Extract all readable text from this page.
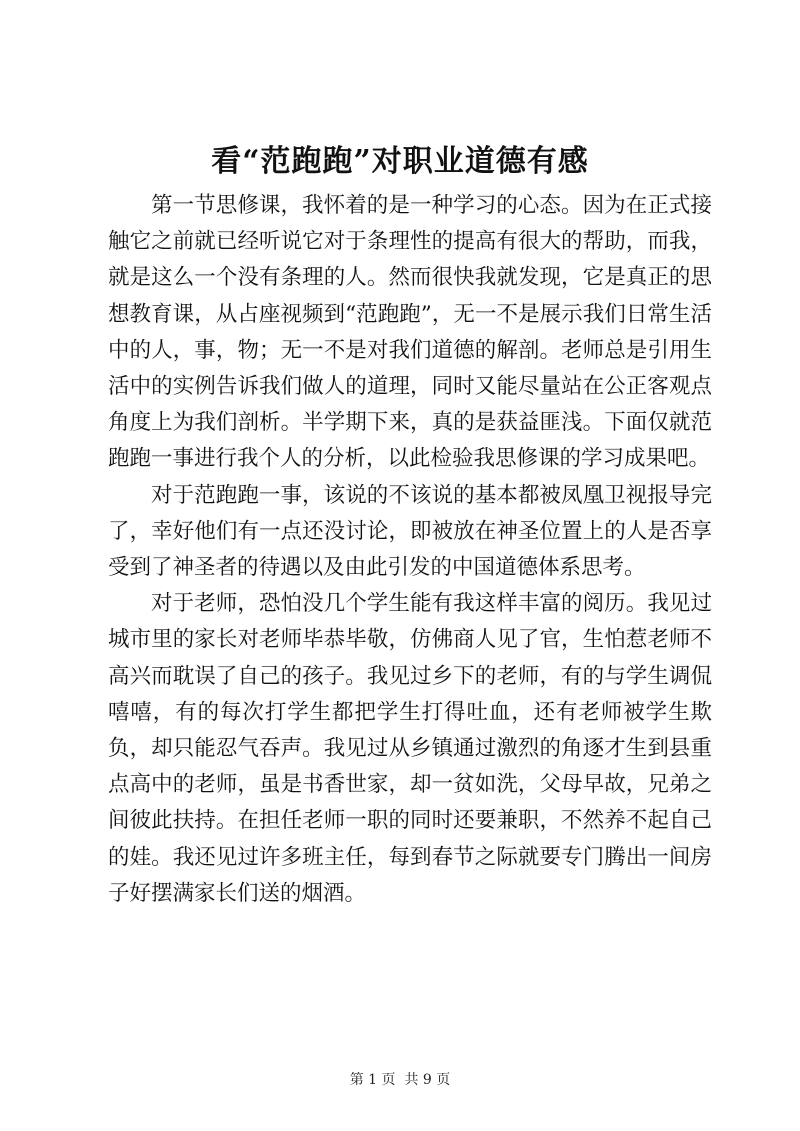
看“范跑跑”对职业道德有感

第一节思修课，我怀着的是一种学习的心态。因为在正式接触它之前就已经听说它对于条理性的提高有很大的帮助，而我，就是这么一个没有条理的人。然而很快我就发现，它是真正的思想教育课，从占座视频到“范跑跑”，无一不是展示我们日常生活中的人，事，物；无一不是对我们道德的解剖。老师总是引用生活中的实例告诉我们做人的道理，同时又能尽量站在公正客观点角度上为我们剖析。半学期下来，真的是获益匪浅。下面仅就范跑跑一事进行我个人的分析，以此检验我思修课的学习成果吧。

对于范跑跑一事，该说的不该说的基本都被凤凰卫视报导完了，幸好他们有一点还没讨论，即被放在神圣位置上的人是否享受到了神圣者的待遇以及由此引发的中国道德体系思考。

对于老师，恐怕没几个学生能有我这样丰富的阅历。我见过城市里的家长对老师毕恭毕敬，仿佛商人见了官，生怕惹老师不高兴而耽误了自己的孩子。我见过乡下的老师，有的与学生调侃嘻嘻，有的每次打学生都把学生打得吐血，还有老师被学生欺负，却只能忍气吞声。我见过从乡镇通过激烈的角逐才生到县重点高中的老师，虽是书香世家，却一贫如洗，父母早故，兄弟之间彼此扶持。在担任老师一职的同时还要兼职，不然养不起自己的娃。我还见过许多班主任，每到春节之际就要专门腾出一间房子好摆满家长们送的烟酒。

第 1 页 共 9 页
